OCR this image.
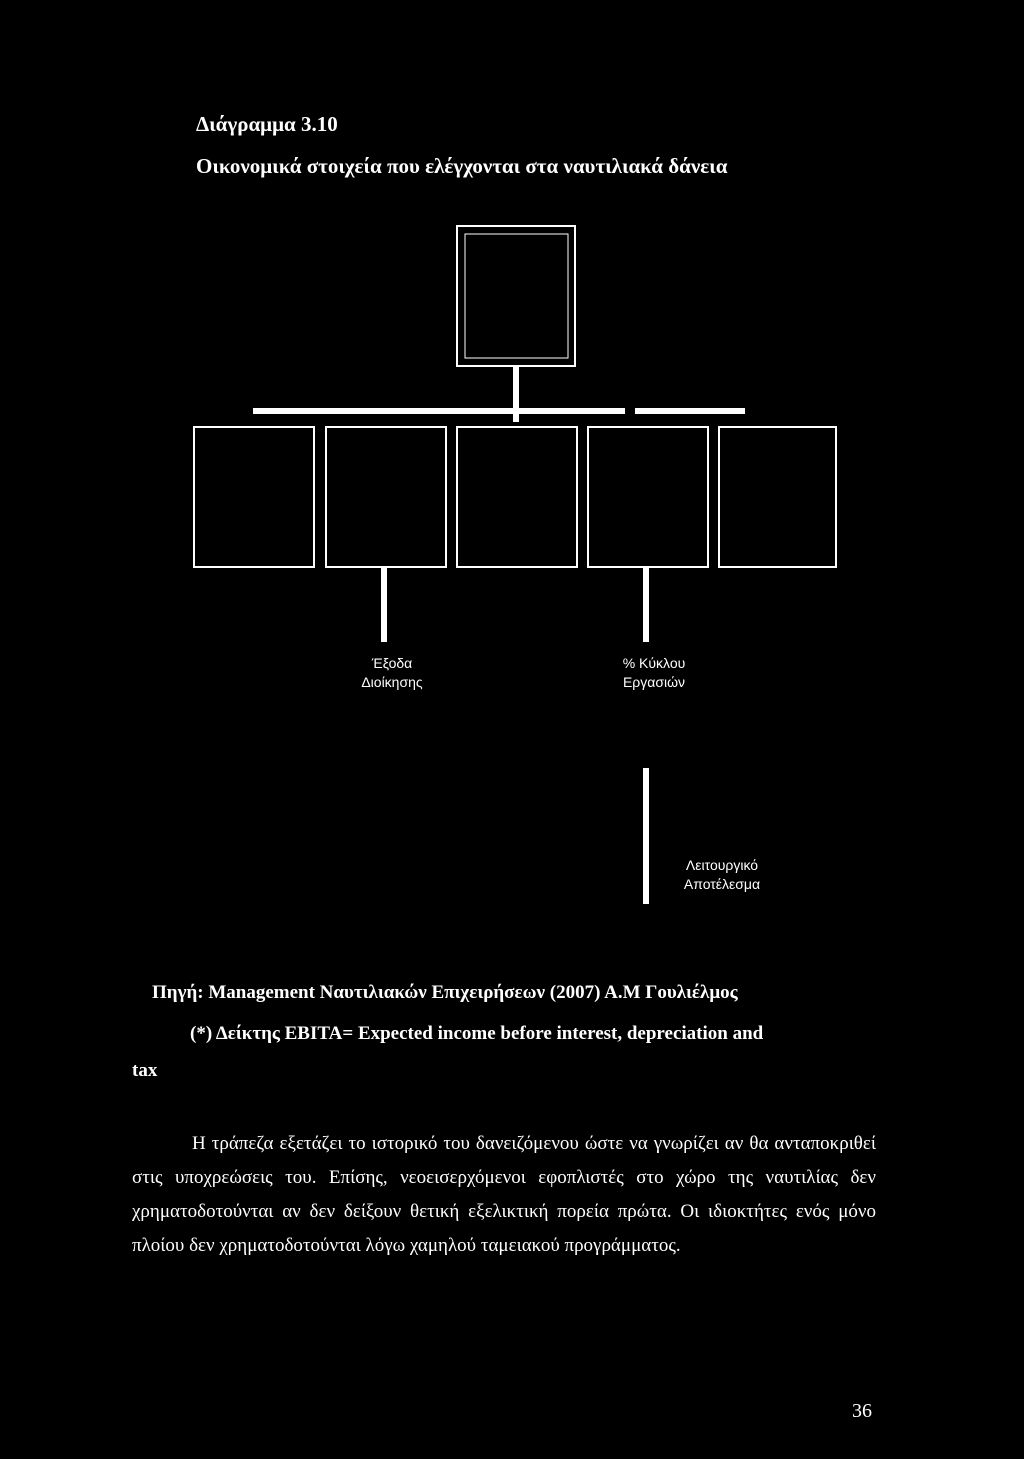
Διάγραμμα 3.10
Οικονομικά στοιχεία που ελέγχονται στα ναυτιλιακά δάνεια
Έξοδα
Διοίκησης
% Κύκλου
Εργασιών
Λειτουργικό
Αποτέλεσμα
Πηγή: Management Ναυτιλιακών Επιχειρήσεων (2007) Α.Μ Γουλιέλμος
(*) Δείκτης EBITA= Expected income before interest, depreciation and
tax
Η τράπεζα εξετάζει το ιστορικό του δανειζόμενου ώστε να γνωρίζει αν θα ανταποκριθεί στις υποχρεώσεις του. Επίσης, νεοεισερχόμενοι εφοπλιστές στο χώρο της ναυτιλίας δεν χρηματοδοτούνται αν δεν δείξουν θετική εξελικτική πορεία πρώτα. Οι ιδιοκτήτες ενός μόνο πλοίου δεν χρηματοδοτούνται λόγω χαμηλού ταμειακού προγράμματος.
36
